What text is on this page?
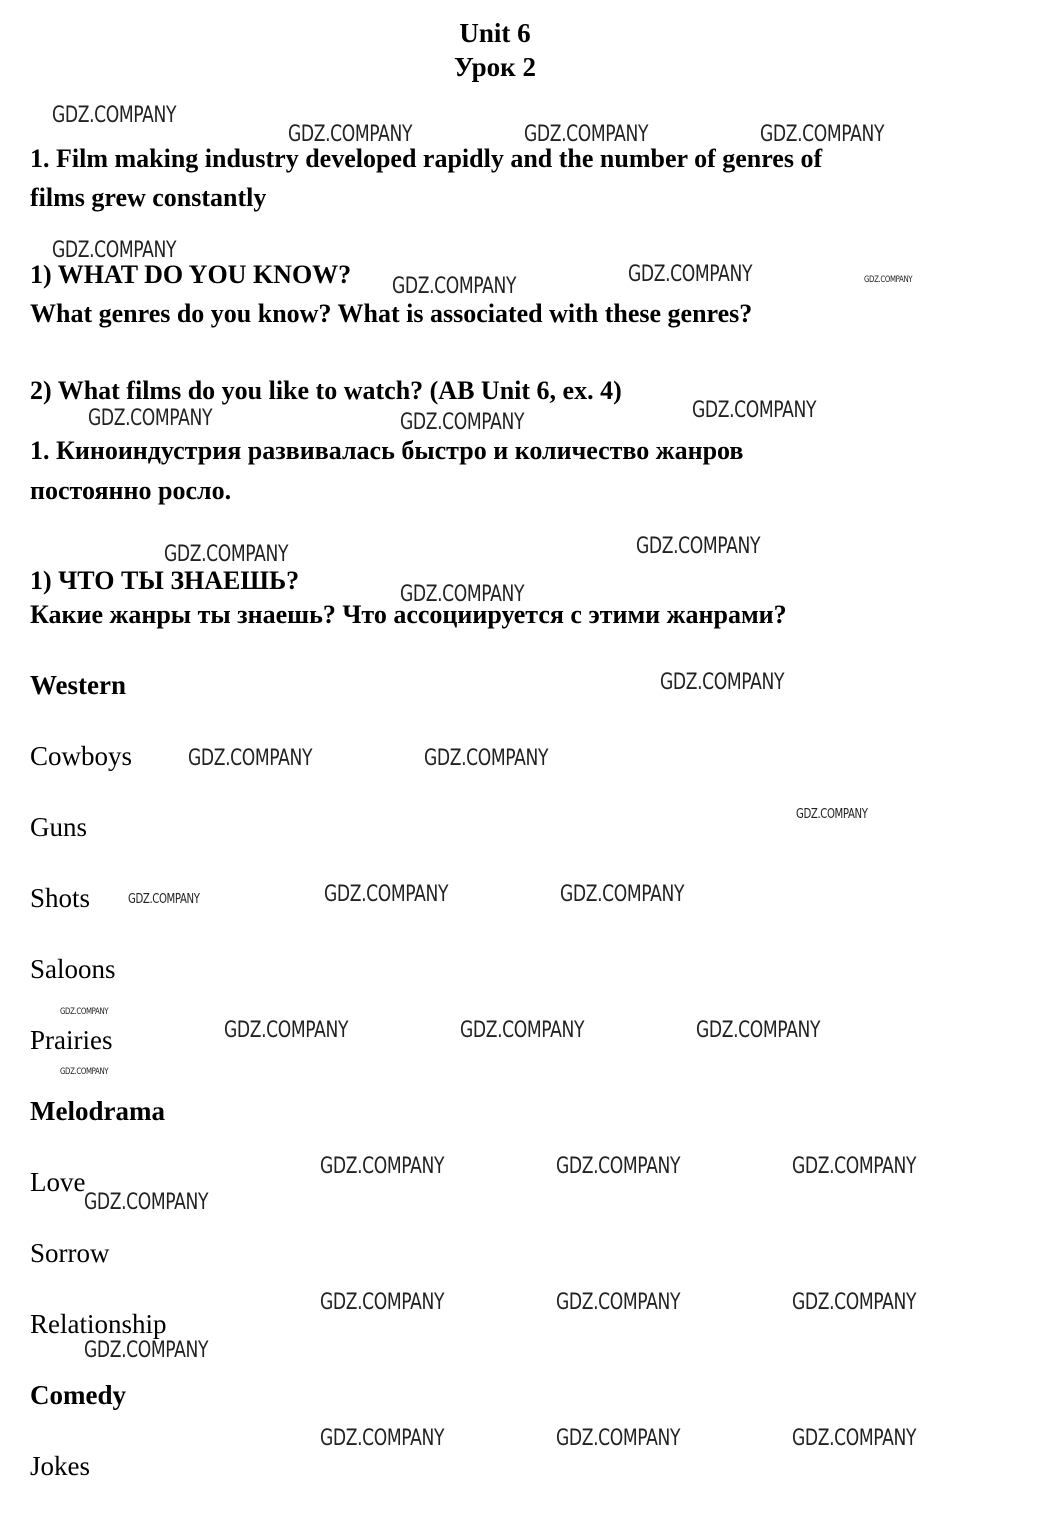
Unit 6
Урок 2
1. Film making industry developed rapidly and the number of genres of
films grew constantly
1) WHAT DO YOU KNOW?
What genres do you know? What is associated with these genres?
2) What films do you like to watch? (AB Unit 6, ex. 4)
1. Киноиндустрия развивалась быстро и количество жанров
постоянно росло.
1) ЧТО ТЫ ЗНАЕШЬ?
Какие жанры ты знаешь? Что ассоциируется с этими жанрами?
Western
Cowboys
Guns
Shots
Saloons
Prairies
Melodrama
Love
Sorrow
Relationship
Comedy
Jokes
GDZ.COMPANY
GDZ.COMPANY	GDZ.COMPANY	GDZ.COMPANY
GDZ.COMPANY
GDZ.COMPANY	GDZ.COMPANY	GDZ.COMPANY
GDZ.COMPANY	GDZ.COMPANY	GDZ.COMPANY
GDZ.COMPANY	GDZ.COMPANY
GDZ.COMPANY
GDZ.COMPANY
GDZ.COMPANY	GDZ.COMPANY
GDZ.COMPANY
GDZ.COMPANY	GDZ.COMPANY	GDZ.COMPANY
GDZ.COMPANY
GDZ.COMPANY	GDZ.COMPANY	GDZ.COMPANY
GDZ.COMPANY
GDZ.COMPANY	GDZ.COMPANY	GDZ.COMPANY
GDZ.COMPANY
GDZ.COMPANY	GDZ.COMPANY	GDZ.COMPANY
GDZ.COMPANY
GDZ.COMPANY	GDZ.COMPANY	GDZ.COMPANY
